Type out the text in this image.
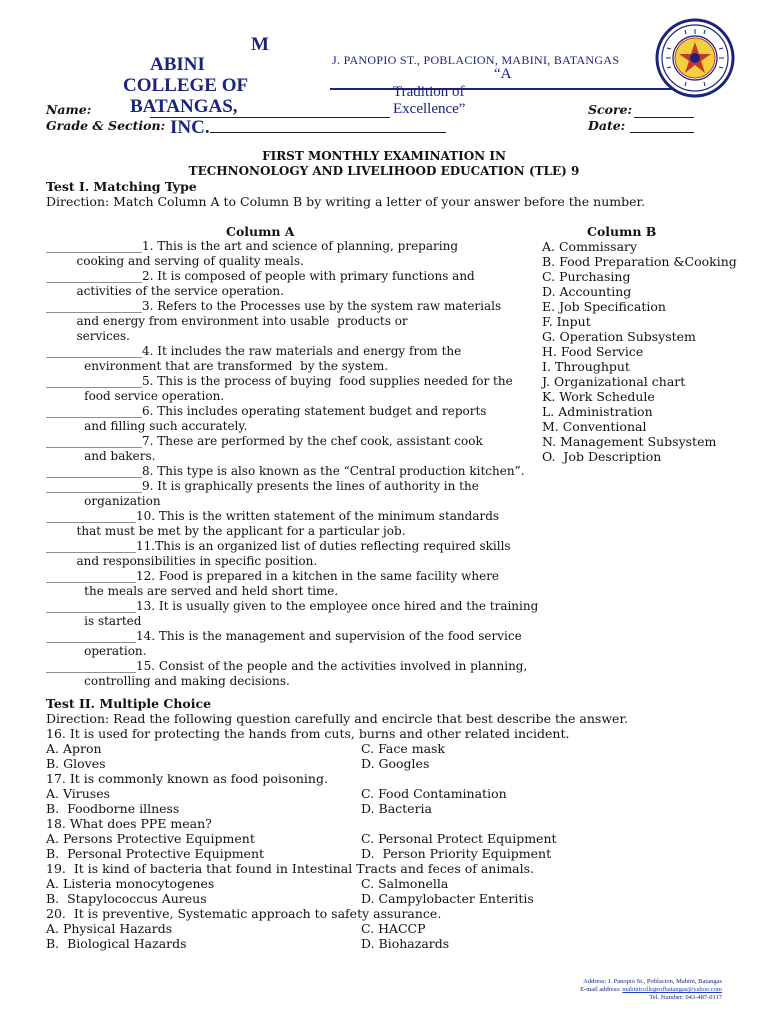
M
ABINI
COLLEGE OF
BATANGAS,
INC.
J. PANOPIO ST., POBLACION, MABINI, BATANGAS
“A
Tradition of
Excellence”
Name:
Grade & Section:
Score:
Date:
FIRST MONTHLY EXAMINATION IN
TECHNONOLOGY AND LIVELIHOOD EDUCATION (TLE) 9
Test I. Matching Type
Direction: Match Column A to Column B by writing a letter of your answer before the number.
Column A	Column B
________________1. This is the art and science of planning, preparing
cooking and serving of quality meals.
________________2. It is composed of people with primary functions and
activities of the service operation.
________________3. Refers to the Processes use by the system raw materials
and energy from environment into usable  products or
services.
________________4. It includes the raw materials and energy from the
environment that are transformed  by the system.
________________5. This is the process of buying  food supplies needed for the
food service operation.
________________6. This includes operating statement budget and reports
and filling such accurately.
________________7. These are performed by the chef cook, assistant cook
and bakers.
________________8. This type is also known as the “Central production kitchen”.
________________9. It is graphically presents the lines of authority in the
organization
_______________10. This is the written statement of the minimum standards
that must be met by the applicant for a particular job.
_______________11.This is an organized list of duties reflecting required skills
and responsibilities in specific position.
_______________12. Food is prepared in a kitchen in the same facility where
the meals are served and held short time.
_______________13. It is usually given to the employee once hired and the training
is started
_______________14. This is the management and supervision of the food service
operation.
_______________15. Consist of the people and the activities involved in planning,
controlling and making decisions.
A. Commissary
B. Food Preparation &Cooking
C. Purchasing
D. Accounting
E. Job Specification
F. Input
G. Operation Subsystem
H. Food Service
I. Throughput
J. Organizational chart
K. Work Schedule
L. Administration
M. Conventional
N. Management Subsystem
O.  Job Description
Test II. Multiple Choice
Direction: Read the following question carefully and encircle that best describe the answer.
16. It is used for protecting the hands from cuts, burns and other related incident.
A. Apron	C. Face mask
B. Gloves	D. Googles
17. It is commonly known as food poisoning.
A. Viruses	C. Food Contamination
B.  Foodborne illness	D. Bacteria
18. What does PPE mean?
A. Persons Protective Equipment	C. Personal Protect Equipment
B.  Personal Protective Equipment	D.  Person Priority Equipment
19.  It is kind of bacteria that found in Intestinal Tracts and feces of animals.
A. Listeria monocytogenes	C. Salmonella
B.  Stapylococcus Aureus	D. Campylobacter Enteritis
20.  It is preventive, Systematic approach to safety assurance.
A. Physical Hazards	C. HACCP
B.  Biological Hazards	D. Biohazards
Address: J. Panopio St., Poblacion, Mabini, Batangas
E-mail address: mabinicollegeofbatangas@yahoo.com
Tel. Number: 043-487-0117
